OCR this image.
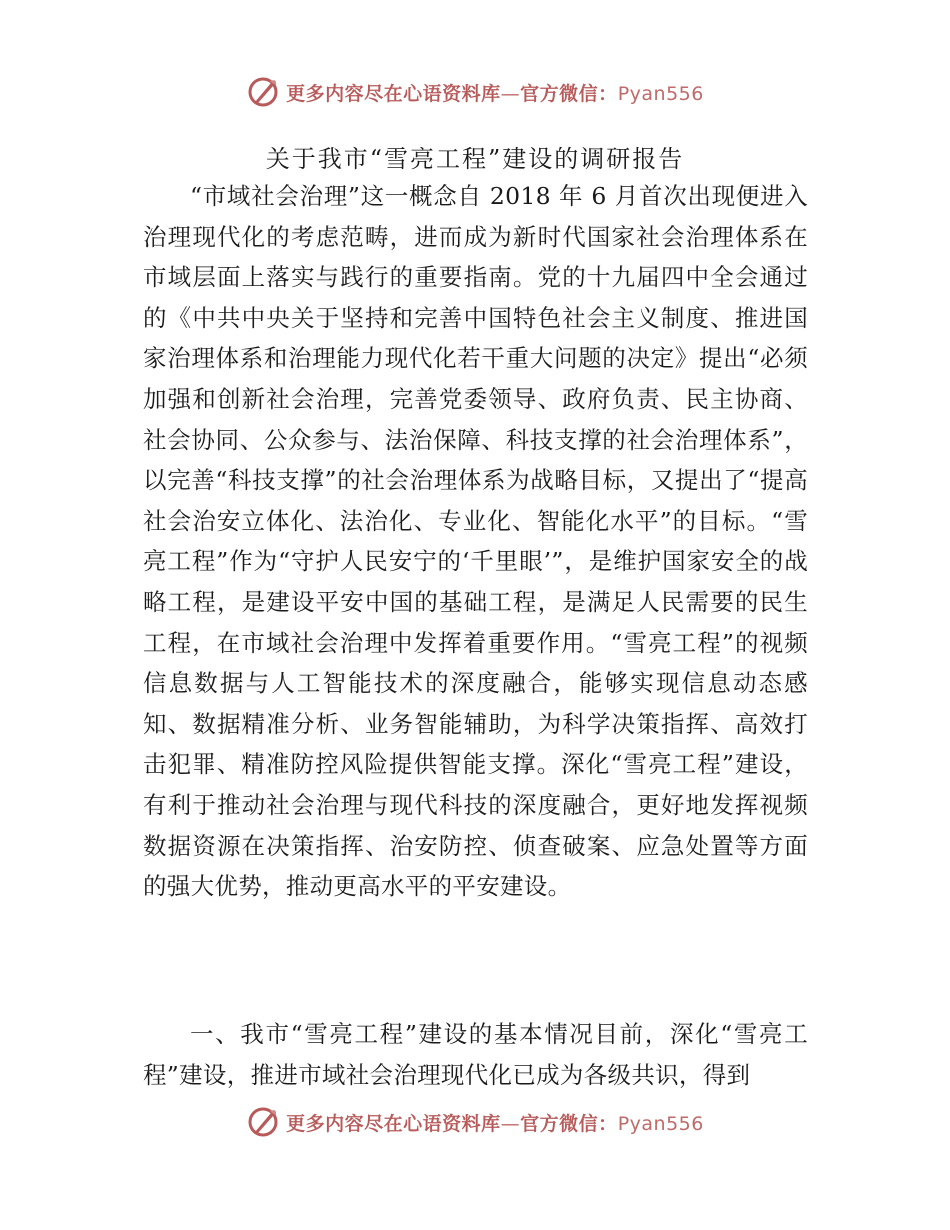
更多内容尽在心语资料库—官方微信：Pyan556
关于我市“雪亮工程”建设的调研报告

“市域社会治理”这一概念自 2018 年 6 月首次出现便进入治理现代化的考虑范畴，进而成为新时代国家社会治理体系在市域层面上落实与践行的重要指南。党的十九届四中全会通过的《中共中央关于坚持和完善中国特色社会主义制度、推进国家治理体系和治理能力现代化若干重大问题的决定》提出“必须加强和创新社会治理，完善党委领导、政府负责、民主协商、社会协同、公众参与、法治保障、科技支撑的社会治理体系”，以完善“科技支撑”的社会治理体系为战略目标，又提出了“提高社会治安立体化、法治化、专业化、智能化水平”的目标。“雪亮工程”作为“守护人民安宁的‘千里眼’”，是维护国家安全的战略工程，是建设平安中国的基础工程，是满足人民需要的民生工程，在市域社会治理中发挥着重要作用。“雪亮工程”的视频信息数据与人工智能技术的深度融合，能够实现信息动态感知、数据精准分析、业务智能辅助，为科学决策指挥、高效打击犯罪、精准防控风险提供智能支撑。深化“雪亮工程”建设，有利于推动社会治理与现代科技的深度融合，更好地发挥视频数据资源在决策指挥、治安防控、侦查破案、应急处置等方面的强大优势，推动更高水平的平安建设。

一、我市“雪亮工程”建设的基本情况目前，深化“雪亮工程”建设，推进市域社会治理现代化已成为各级共识，得到

更多内容尽在心语资料库—官方微信：Pyan556
